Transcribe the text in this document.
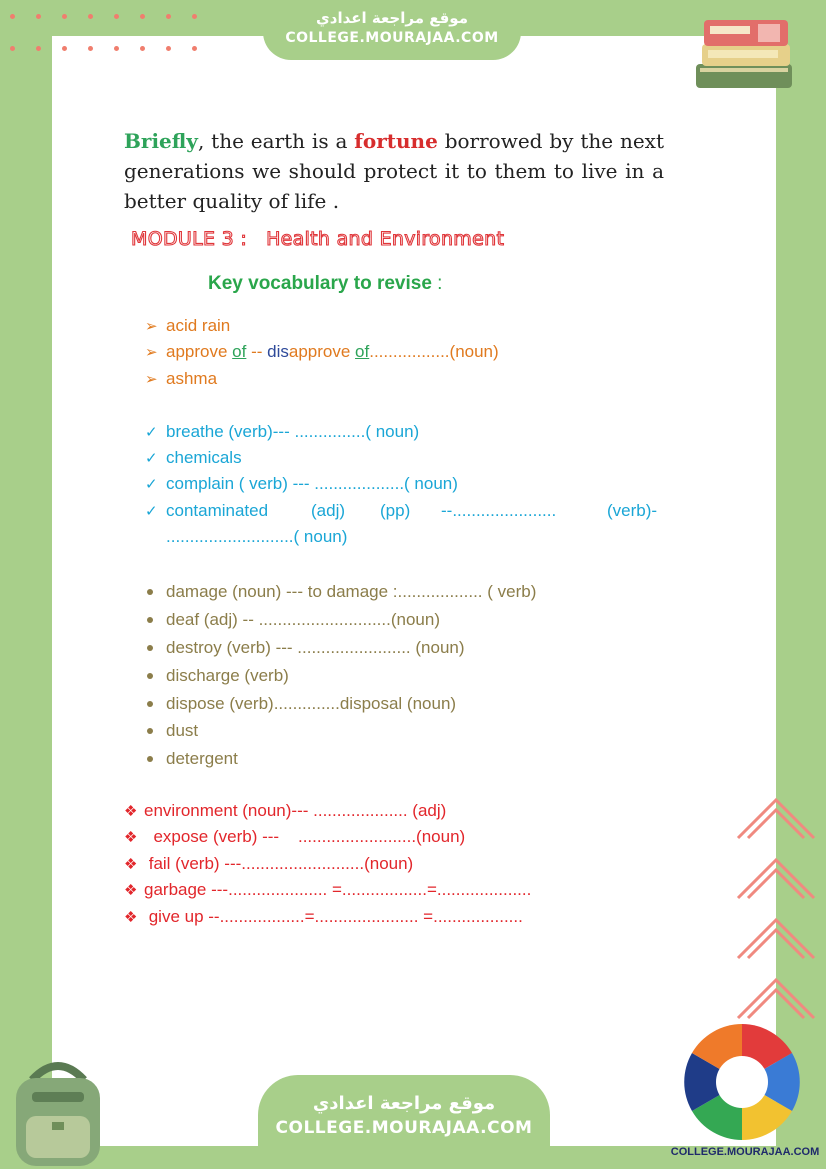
موقع مراجعة اعدادي
COLLEGE.MOURAJAA.COM
Briefly, the earth is a fortune borrowed by the next generations we should protect it to them to live in a better quality of life .
MODULE 3 :   Health and Environment
Key vocabulary to revise :
➢ acid rain
➢ approve of -- disapprove of.................(noun)
➢ ashma
✓ breathe (verb)--- ...............( noun)
✓ chemicals
✓ complain ( verb) --- ...................( noun)
✓ contaminated	(adj) (pp) --......................	(verb)-
...........................( noun)
damage (noun) --- to damage :.................. ( verb)
deaf (adj) -- ............................(noun)
destroy (verb) --- ........................ (noun)
discharge (verb)
dispose (verb)..............disposal (noun)
dust
detergent
❖ environment (noun)--- .................... (adj)
❖ expose (verb) ---    .........................(noun)
❖ fail (verb) ---..........................(noun)
❖ garbage ---..................... =..................=....................
❖ give up --..................=...................... =...................
موقع مراجعة اعدادي
COLLEGE.MOURAJAA.COM
COLLEGE.MOURAJAA.COM
